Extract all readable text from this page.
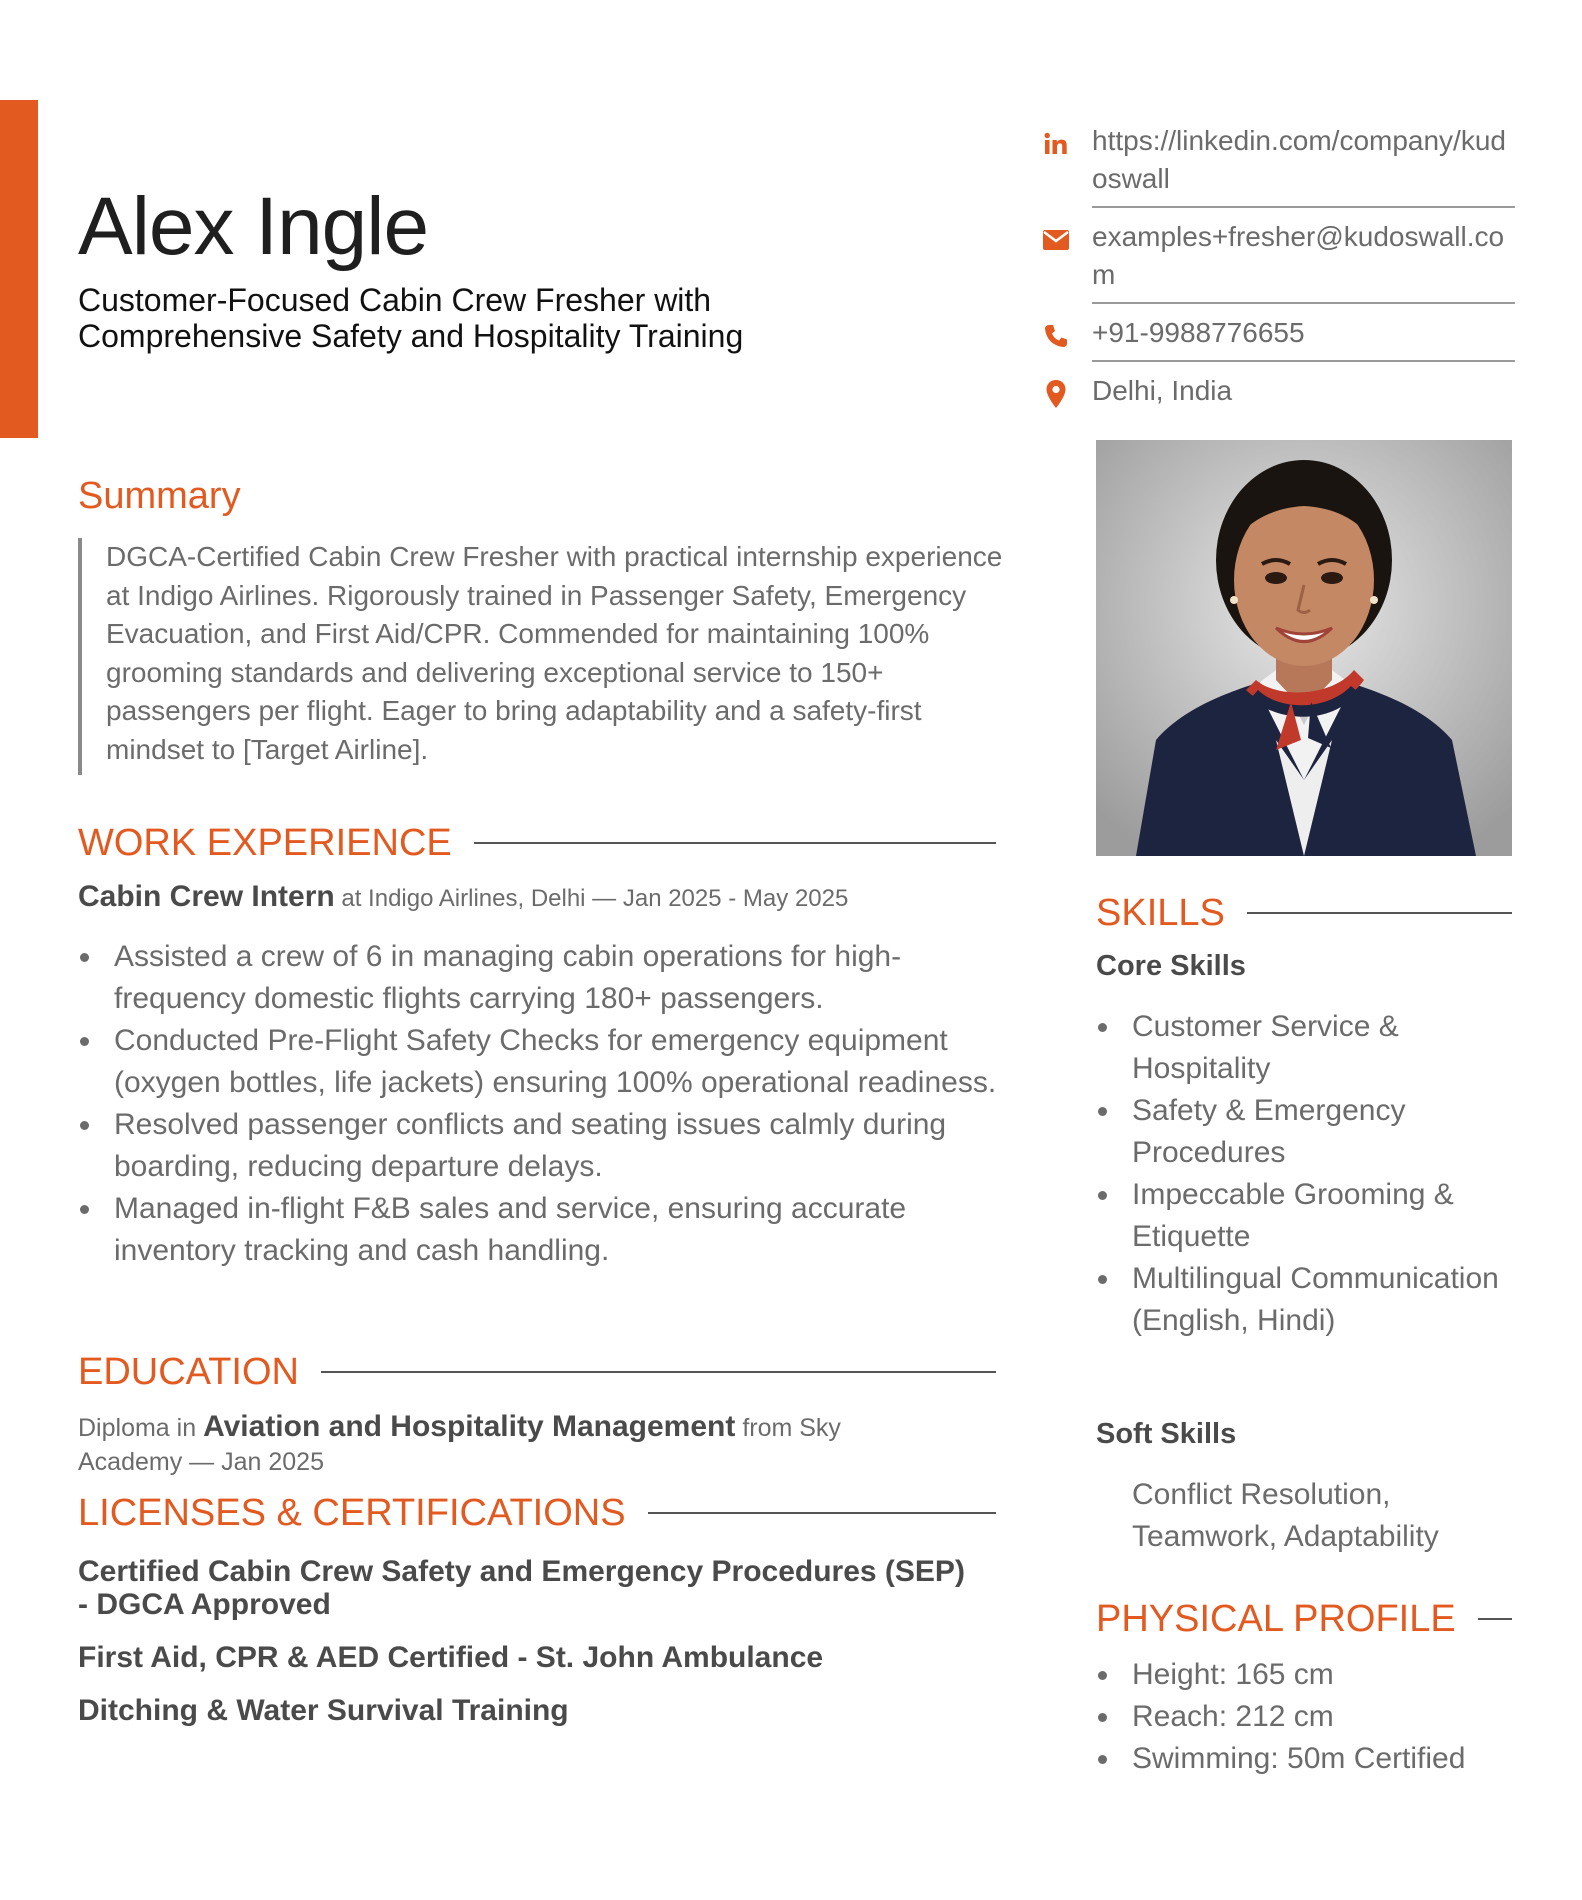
Alex Ingle
Customer-Focused Cabin Crew Fresher with Comprehensive Safety and Hospitality Training
https://linkedin.com/company/kudoswall
examples+fresher@kudoswall.com
+91-9988776655
Delhi, India
Summary
DGCA-Certified Cabin Crew Fresher with practical internship experience at Indigo Airlines. Rigorously trained in Passenger Safety, Emergency Evacuation, and First Aid/CPR. Commended for maintaining 100% grooming standards and delivering exceptional service to 150+ passengers per flight. Eager to bring adaptability and a safety-first mindset to [Target Airline].
WORK EXPERIENCE
Cabin Crew Intern at Indigo Airlines, Delhi — Jan 2025 - May 2025
Assisted a crew of 6 in managing cabin operations for high-frequency domestic flights carrying 180+ passengers.
Conducted Pre-Flight Safety Checks for emergency equipment (oxygen bottles, life jackets) ensuring 100% operational readiness.
Resolved passenger conflicts and seating issues calmly during boarding, reducing departure delays.
Managed in-flight F&B sales and service, ensuring accurate inventory tracking and cash handling.
EDUCATION
Diploma in Aviation and Hospitality Management from Sky Academy — Jan 2025
LICENSES & CERTIFICATIONS
Certified Cabin Crew Safety and Emergency Procedures (SEP) - DGCA Approved
First Aid, CPR & AED Certified - St. John Ambulance
Ditching & Water Survival Training
SKILLS
Core Skills
Customer Service & Hospitality
Safety & Emergency Procedures
Impeccable Grooming & Etiquette
Multilingual Communication (English, Hindi)
Soft Skills
Conflict Resolution, Teamwork, Adaptability
PHYSICAL PROFILE
Height: 165 cm
Reach: 212 cm
Swimming: 50m Certified
